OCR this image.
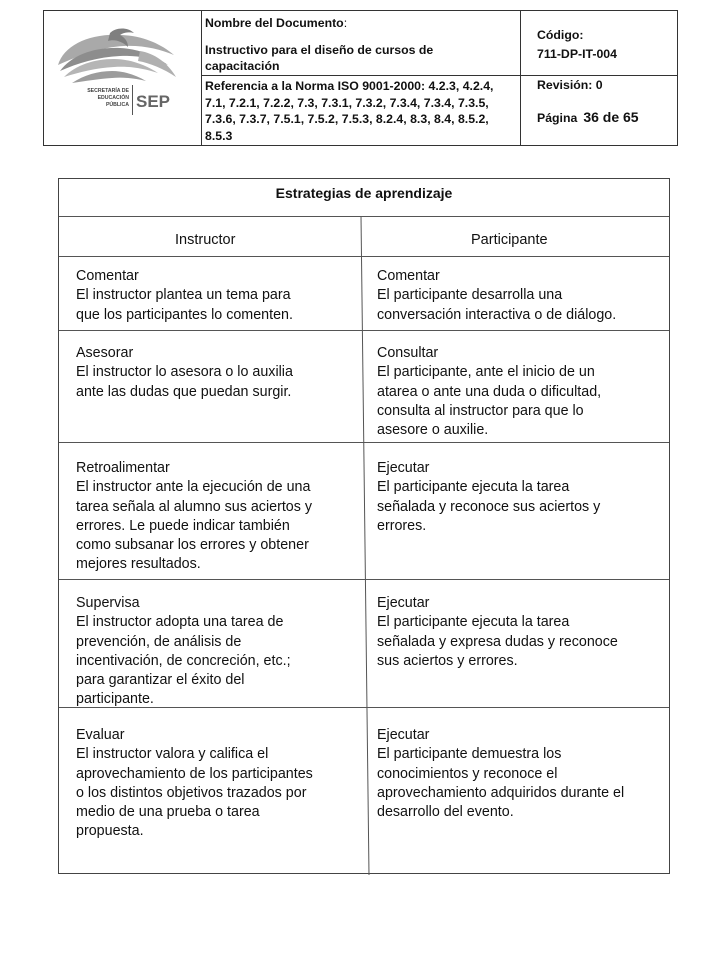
SECRETARÍA DE
EDUCACIÓN
PÚBLICA SEP
Nombre del Documento:
Instructivo para el diseño de cursos de capacitación
Referencia a la Norma ISO 9001-2000: 4.2.3, 4.2.4, 7.1, 7.2.1, 7.2.2, 7.3, 7.3.1, 7.3.2, 7.3.4, 7.3.4, 7.3.5, 7.3.6, 7.3.7, 7.5.1, 7.5.2, 7.5.3, 8.2.4, 8.3, 8.4, 8.5.2, 8.5.3
Código:
711-DP-IT-004
Revisión: 0
Página 36 de 65
Estrategias de aprendizaje
Instructor	Participante
Comentar
El instructor plantea un tema para
que los participantes lo comenten.
Comentar
El participante desarrolla una
conversación interactiva o de diálogo.
Asesorar
El instructor lo asesora o lo auxilia
ante las dudas que puedan surgir.
Consultar
El participante, ante el inicio de un
atarea o ante una duda o dificultad,
consulta al instructor para que lo
asesore o auxilie.
Retroalimentar
El instructor ante la ejecución de una
tarea señala al alumno sus aciertos y
errores. Le puede indicar también
como subsanar los errores y obtener
mejores resultados.
Ejecutar
El participante ejecuta la tarea
señalada y reconoce sus aciertos y
errores.
Supervisa
El instructor adopta una tarea de
prevención, de análisis de
incentivación, de concreción, etc.;
para garantizar el éxito del
participante.
Ejecutar
El participante ejecuta la tarea
señalada y expresa dudas y reconoce
sus aciertos y errores.
Evaluar
El instructor valora y califica el
aprovechamiento de los participantes
o los distintos objetivos trazados por
medio de una prueba o tarea
propuesta.
Ejecutar
El participante demuestra los
conocimientos y reconoce el
aprovechamiento adquiridos durante el
desarrollo del evento.
